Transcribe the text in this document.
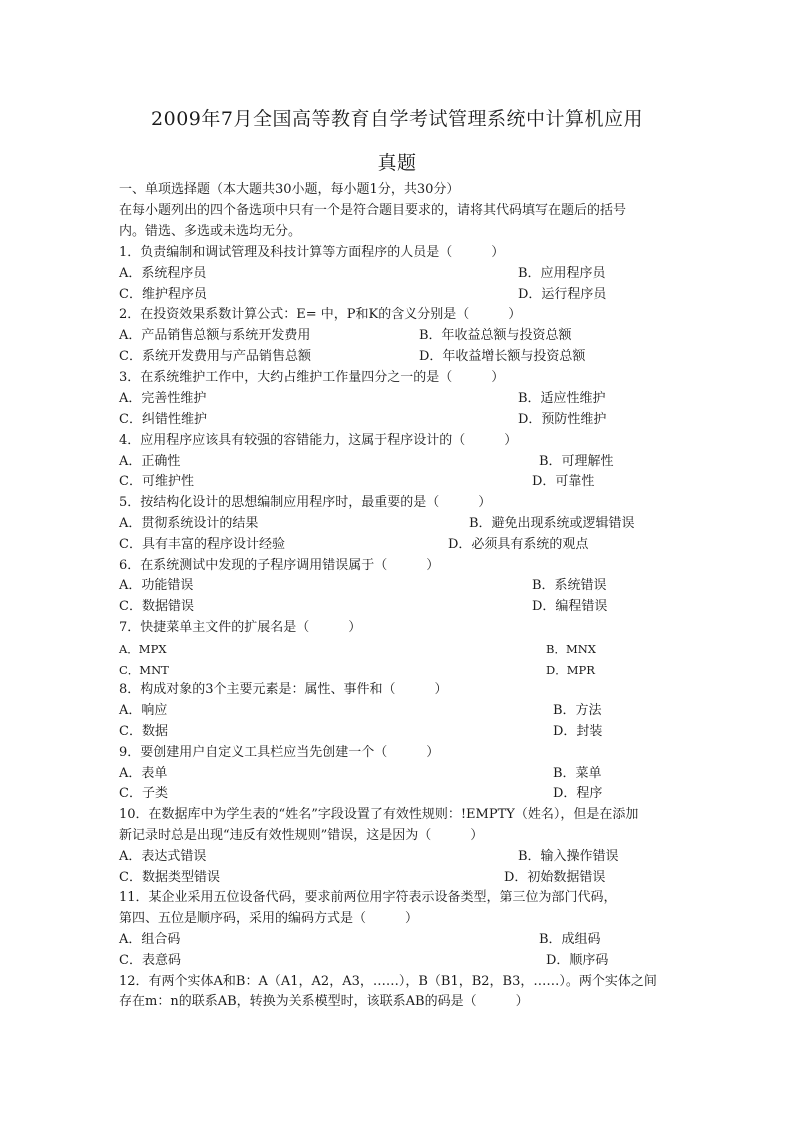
2009年7月全国高等教育自学考试管理系统中计算机应用
真题
一、单项选择题（本大题共30小题，每小题1分，共30分）
在每小题列出的四个备选项中只有一个是符合题目要求的，请将其代码填写在题后的括号
内。错选、多选或未选均无分。
1．负责编制和调试管理及科技计算等方面程序的人员是（　　　）
A．系统程序员	B．应用程序员
C．维护程序员	D．运行程序员
2．在投资效果系数计算公式：E= 中，P和K的含义分别是（　　　）
A．产品销售总额与系统开发费用	B．年收益总额与投资总额
C．系统开发费用与产品销售总额	D．年收益增长额与投资总额
3．在系统维护工作中，大约占维护工作量四分之一的是（　　　）
A．完善性维护	B．适应性维护
C．纠错性维护	D．预防性维护
4．应用程序应该具有较强的容错能力，这属于程序设计的（　　　）
A．正确性	B．可理解性
C．可维护性	D．可靠性
5．按结构化设计的思想编制应用程序时，最重要的是（　　　）
A．贯彻系统设计的结果	B．避免出现系统或逻辑错误
C．具有丰富的程序设计经验	D．必须具有系统的观点
6．在系统测试中发现的子程序调用错误属于（　　　）
A．功能错误	B．系统错误
C．数据错误	D．编程错误
7．快捷菜单主文件的扩展名是（　　　）
A．MPX	B．MNX
C．MNT	D．MPR
8．构成对象的3个主要元素是：属性、事件和（　　　）
A．响应	B．方法
C．数据	D．封装
9．要创建用户自定义工具栏应当先创建一个（　　　）
A．表单	B．菜单
C．子类	D．程序
10．在数据库中为学生表的“姓名”字段设置了有效性规则：!EMPTY（姓名），但是在添加
新记录时总是出现“违反有效性规则”错误，这是因为（　　　）
A．表达式错误	B．输入操作错误
C．数据类型错误	D．初始数据错误
11．某企业采用五位设备代码，要求前两位用字符表示设备类型，第三位为部门代码，
第四、五位是顺序码，采用的编码方式是（　　　）
A．组合码	B．成组码
C．表意码	D．顺序码
12．有两个实体A和B：A（A1，A2，A3，……），B（B1，B2，B3，……）。两个实体之间
存在m：n的联系AB，转换为关系模型时，该联系AB的码是（　　　）
